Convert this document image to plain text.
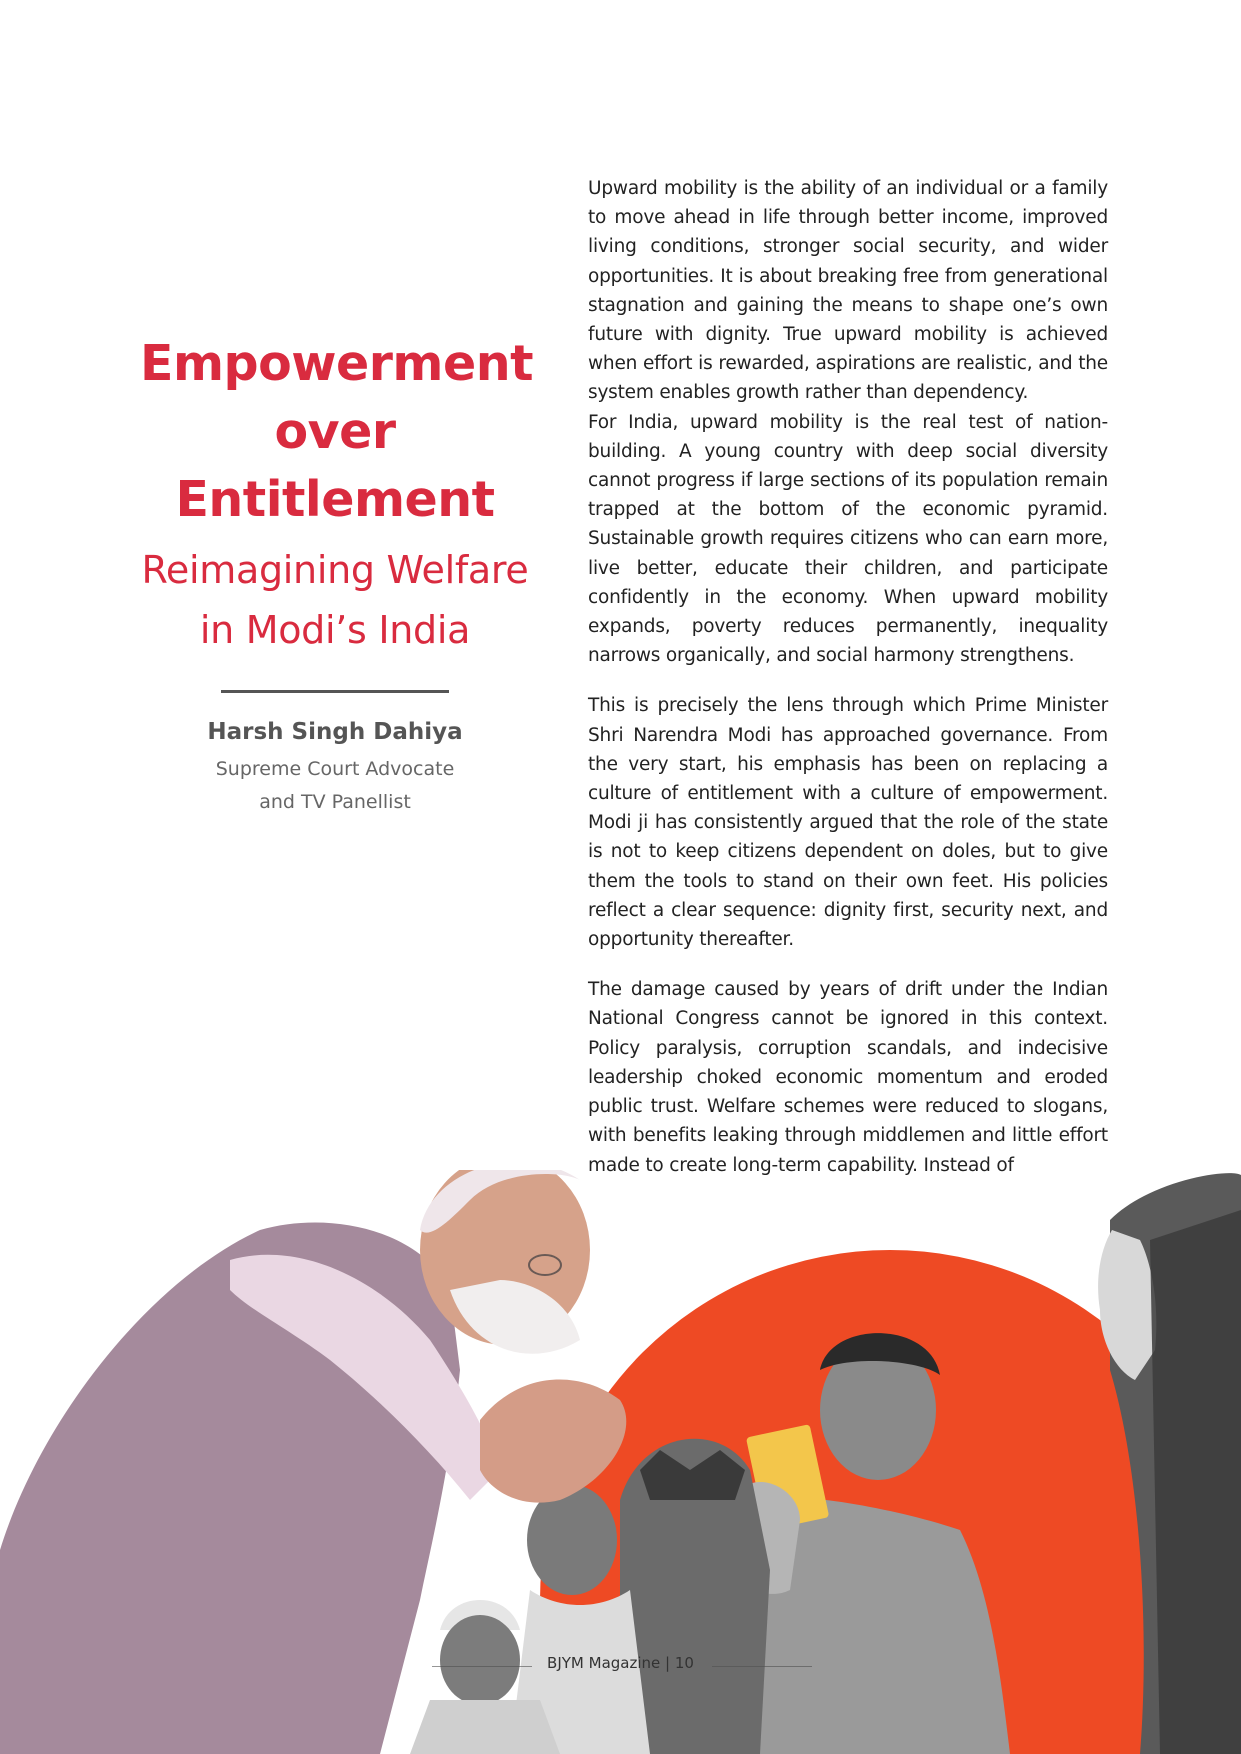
Empowerment over Entitlement
Reimagining Welfare in Modi’s India
Harsh Singh Dahiya
Supreme Court Advocate
and TV Panellist

Upward mobility is the ability of an individual or a family to move ahead in life through better income, improved living conditions, stronger social security, and wider opportunities. It is about breaking free from generational stagnation and gaining the means to shape one’s own future with dignity. True upward mobility is achieved when effort is rewarded, aspirations are realistic, and the system enables growth rather than dependency.

For India, upward mobility is the real test of nation-building. A young country with deep social diversity cannot progress if large sections of its population remain trapped at the bottom of the economic pyramid. Sustainable growth requires citizens who can earn more, live better, educate their children, and participate confidently in the economy. When upward mobility expands, poverty reduces permanently, inequality narrows organically, and social harmony strengthens.

This is precisely the lens through which Prime Minister Shri Narendra Modi has approached governance. From the very start, his emphasis has been on replacing a culture of entitlement with a culture of empowerment. Modi ji has consistently argued that the role of the state is not to keep citizens dependent on doles, but to give them the tools to stand on their own feet. His policies reflect a clear sequence: dignity first, security next, and opportunity thereafter.

The damage caused by years of drift under the Indian National Congress cannot be ignored in this context. Policy paralysis, corruption scandals, and indecisive leadership choked economic momentum and eroded public trust. Welfare schemes were reduced to slogans, with benefits leaking through middlemen and little effort made to create long-term capability. Instead of

BJYM Magazine | 10
